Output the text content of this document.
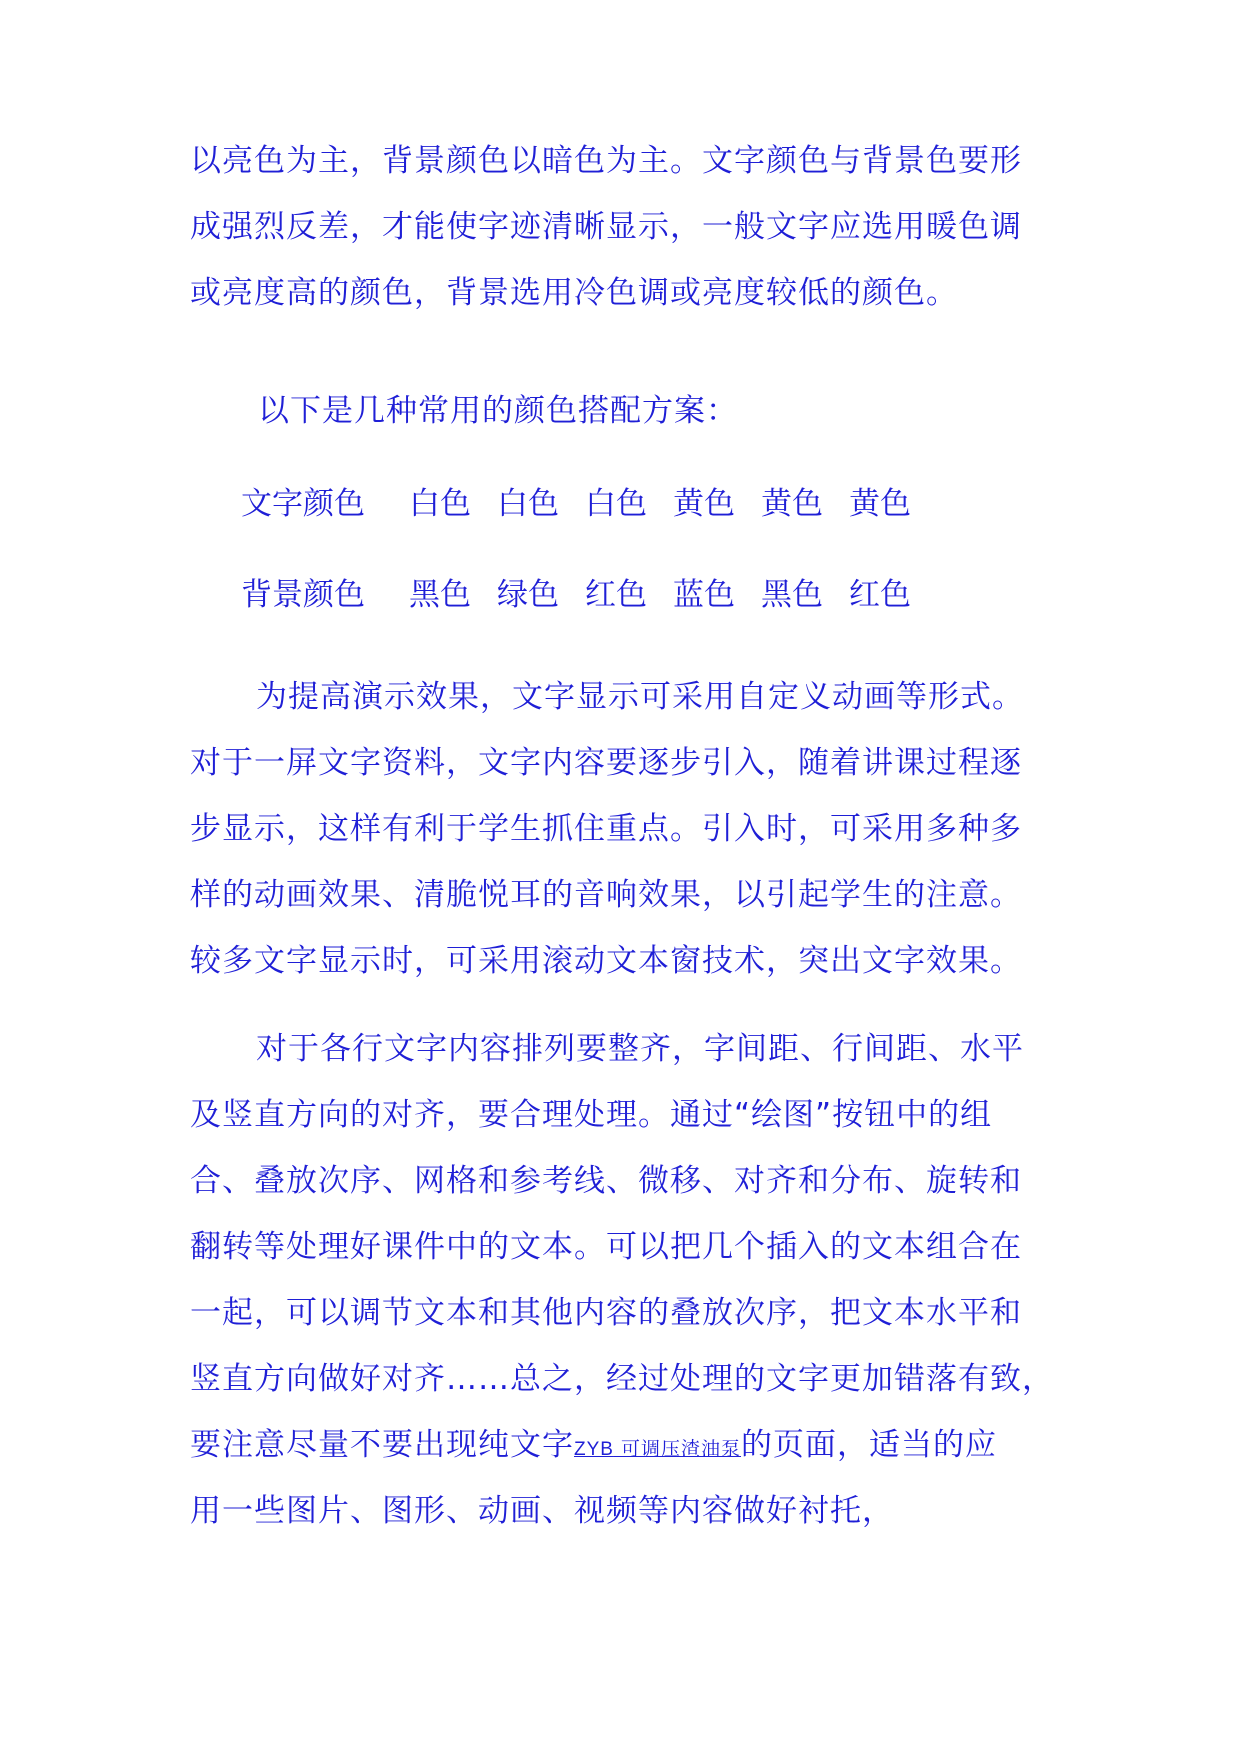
以亮色为主，背景颜色以暗色为主。文字颜色与背景色要形
成强烈反差，才能使字迹清晰显示，一般文字应选用暖色调
或亮度高的颜色，背景选用冷色调或亮度较低的颜色。
以下是几种常用的颜色搭配方案：
文字颜色 白色 白色 白色 黄色 黄色 黄色
背景颜色 黑色 绿色 红色 蓝色 黑色 红色
为提高演示效果，文字显示可采用自定义动画等形式。
对于一屏文字资料，文字内容要逐步引入，随着讲课过程逐
步显示，这样有利于学生抓住重点。引入时，可采用多种多
样的动画效果、清脆悦耳的音响效果，以引起学生的注意。
较多文字显示时，可采用滚动文本窗技术，突出文字效果。
对于各行文字内容排列要整齐，字间距、行间距、水平
及竖直方向的对齐，要合理处理。通过“绘图”按钮中的组
合、叠放次序、网格和参考线、微移、对齐和分布、旋转和
翻转等处理好课件中的文本。可以把几个插入的文本组合在
一起，可以调节文本和其他内容的叠放次序，把文本水平和
竖直方向做好对齐……总之，经过处理的文字更加错落有致，
要注意尽量不要出现纯文字ZYB 可调压渣油泵的页面，适当的应
用一些图片、图形、动画、视频等内容做好衬托，
